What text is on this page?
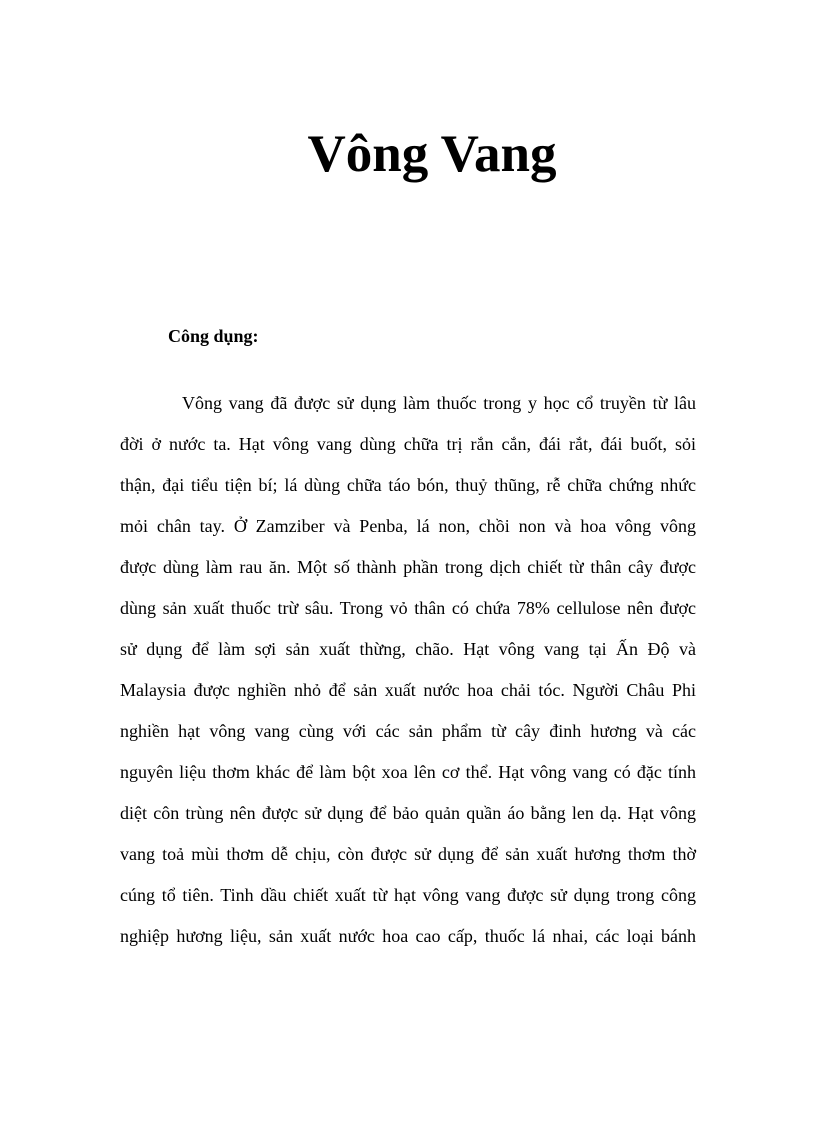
Vông Vang
Công dụng:
Vông vang đã được sử dụng làm thuốc trong y học cổ truyền từ lâu
đời ở nước ta. Hạt vông vang dùng chữa trị rắn cắn, đái rắt, đái buốt, sỏi
thận, đại tiểu tiện bí; lá dùng chữa táo bón, thuỷ thũng, rễ chữa chứng nhức
mỏi chân tay. Ở Zamziber và Penba, lá non, chồi non và hoa vông vông
được dùng làm rau ăn. Một số thành phần trong dịch chiết từ thân cây được
dùng sản xuất thuốc trừ sâu. Trong vỏ thân có chứa 78% cellulose nên được
sử dụng để làm sợi sản xuất thừng, chão. Hạt vông vang tại Ấn Độ và
Malaysia được nghiền nhỏ để sản xuất nước hoa chải tóc. Người Châu Phi
nghiền hạt vông vang cùng với các sản phẩm từ cây đinh hương và các
nguyên liệu thơm khác để làm bột xoa lên cơ thể. Hạt vông vang có đặc tính
diệt côn trùng nên được sử dụng để bảo quản quần áo bằng len dạ. Hạt vông
vang toả mùi thơm dễ chịu, còn được sử dụng để sản xuất hương thơm thờ
cúng tổ tiên. Tinh dầu chiết xuất từ hạt vông vang được sử dụng trong công
nghiệp hương liệu, sản xuất nước hoa cao cấp, thuốc lá nhai, các loại bánh
